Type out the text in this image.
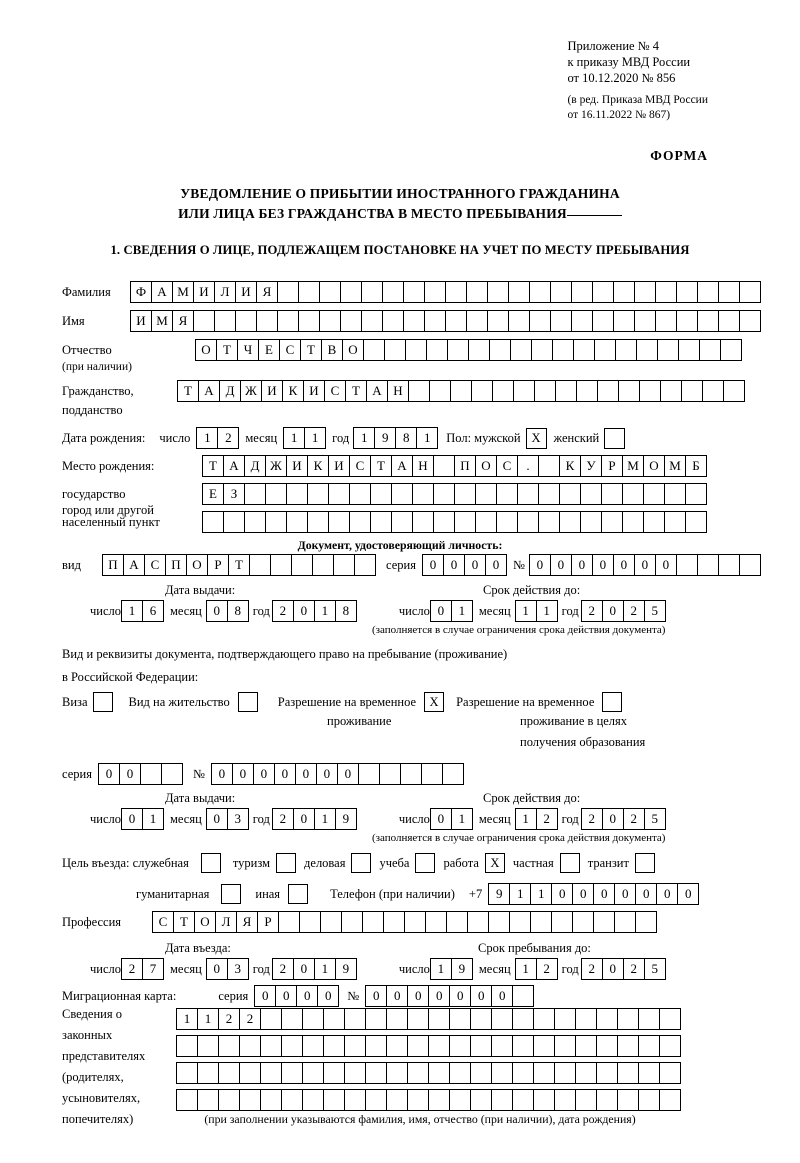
Приложение № 4
к приказу МВД России
от 10.12.2020 № 856
(в ред. Приказа МВД России
от 16.11.2022 № 867)
ФОРМА
УВЕДОМЛЕНИЕ О ПРИБЫТИИ ИНОСТРАННОГО ГРАЖДАНИНА
ИЛИ ЛИЦА БЕЗ ГРАЖДАНСТВА В МЕСТО ПРЕБЫВАНИЯ
1. СВЕДЕНИЯ О ЛИЦЕ, ПОДЛЕЖАЩЕМ ПОСТАНОВКЕ НА УЧЕТ ПО МЕСТУ ПРЕБЫВАНИЯ
Фамилия	Ф А М И Л И Я
Имя	И М Я
Отчество	О Т Ч Е С Т В О
(при наличии)
Гражданство,	Т А Д Ж И К И С Т А Н
подданство
Дата рождения: число	1	2	месяц	1	1	год 1	9	8	1	Пол: мужской X	женский
Место рождения:	Т А Д Ж И К И С Т А Н	П О С	.	К У Р М О М Б
государство	Е	З
город или другой
населенный пункт
Документ, удостоверяющий личность:
вид	П А С П О Р	Т	серия	0	0	0	0	№ 0	0	0	0	0	0	0
Дата выдачи:	Срок действия до:
число 1	6	месяц 0	8 год 2	0	1	8	число 0	1	месяц 1	1 год 2	0	2	5
(заполняется в случае ограничения срока действия документа)
Вид и реквизиты документа, подтверждающего право на пребывание (проживание)
в Российской Федерации:
Виза	Вид на жительство	Разрешение на временное	X	Разрешение на временное
проживание	проживание в целях
получения образования
серия	0	0	№	0	0	0	0	0	0	0
Дата выдачи:	Срок действия до:
число 0	1	месяц 0	3 год 2	0	1	9	число 0	1	месяц 1	2 год 2	0	2	5
(заполняется в случае ограничения срока действия документа)
Цель въезда: служебная	туризм	деловая	учеба	работа X	частная	транзит
гуманитарная	иная	Телефон (при наличии) +7	9	1	1	0	0	0	0	0	0	0
Профессия	С Т О Л Я	Р
Дата въезда:	Срок пребывания до:
число 2	7	месяц 0	3 год 2	0	1	9	число 1	9	месяц 1	2 год 2	0	2	5
Миграционная карта:	серия	0	0	0	0	№	0	0	0	0	0	0	0
Сведения о
законных
представителях
(родителях,
усыновителях,
попечителях)
1	1	2	2
(при заполнении указываются фамилия, имя, отчество (при наличии), дата рождения)
